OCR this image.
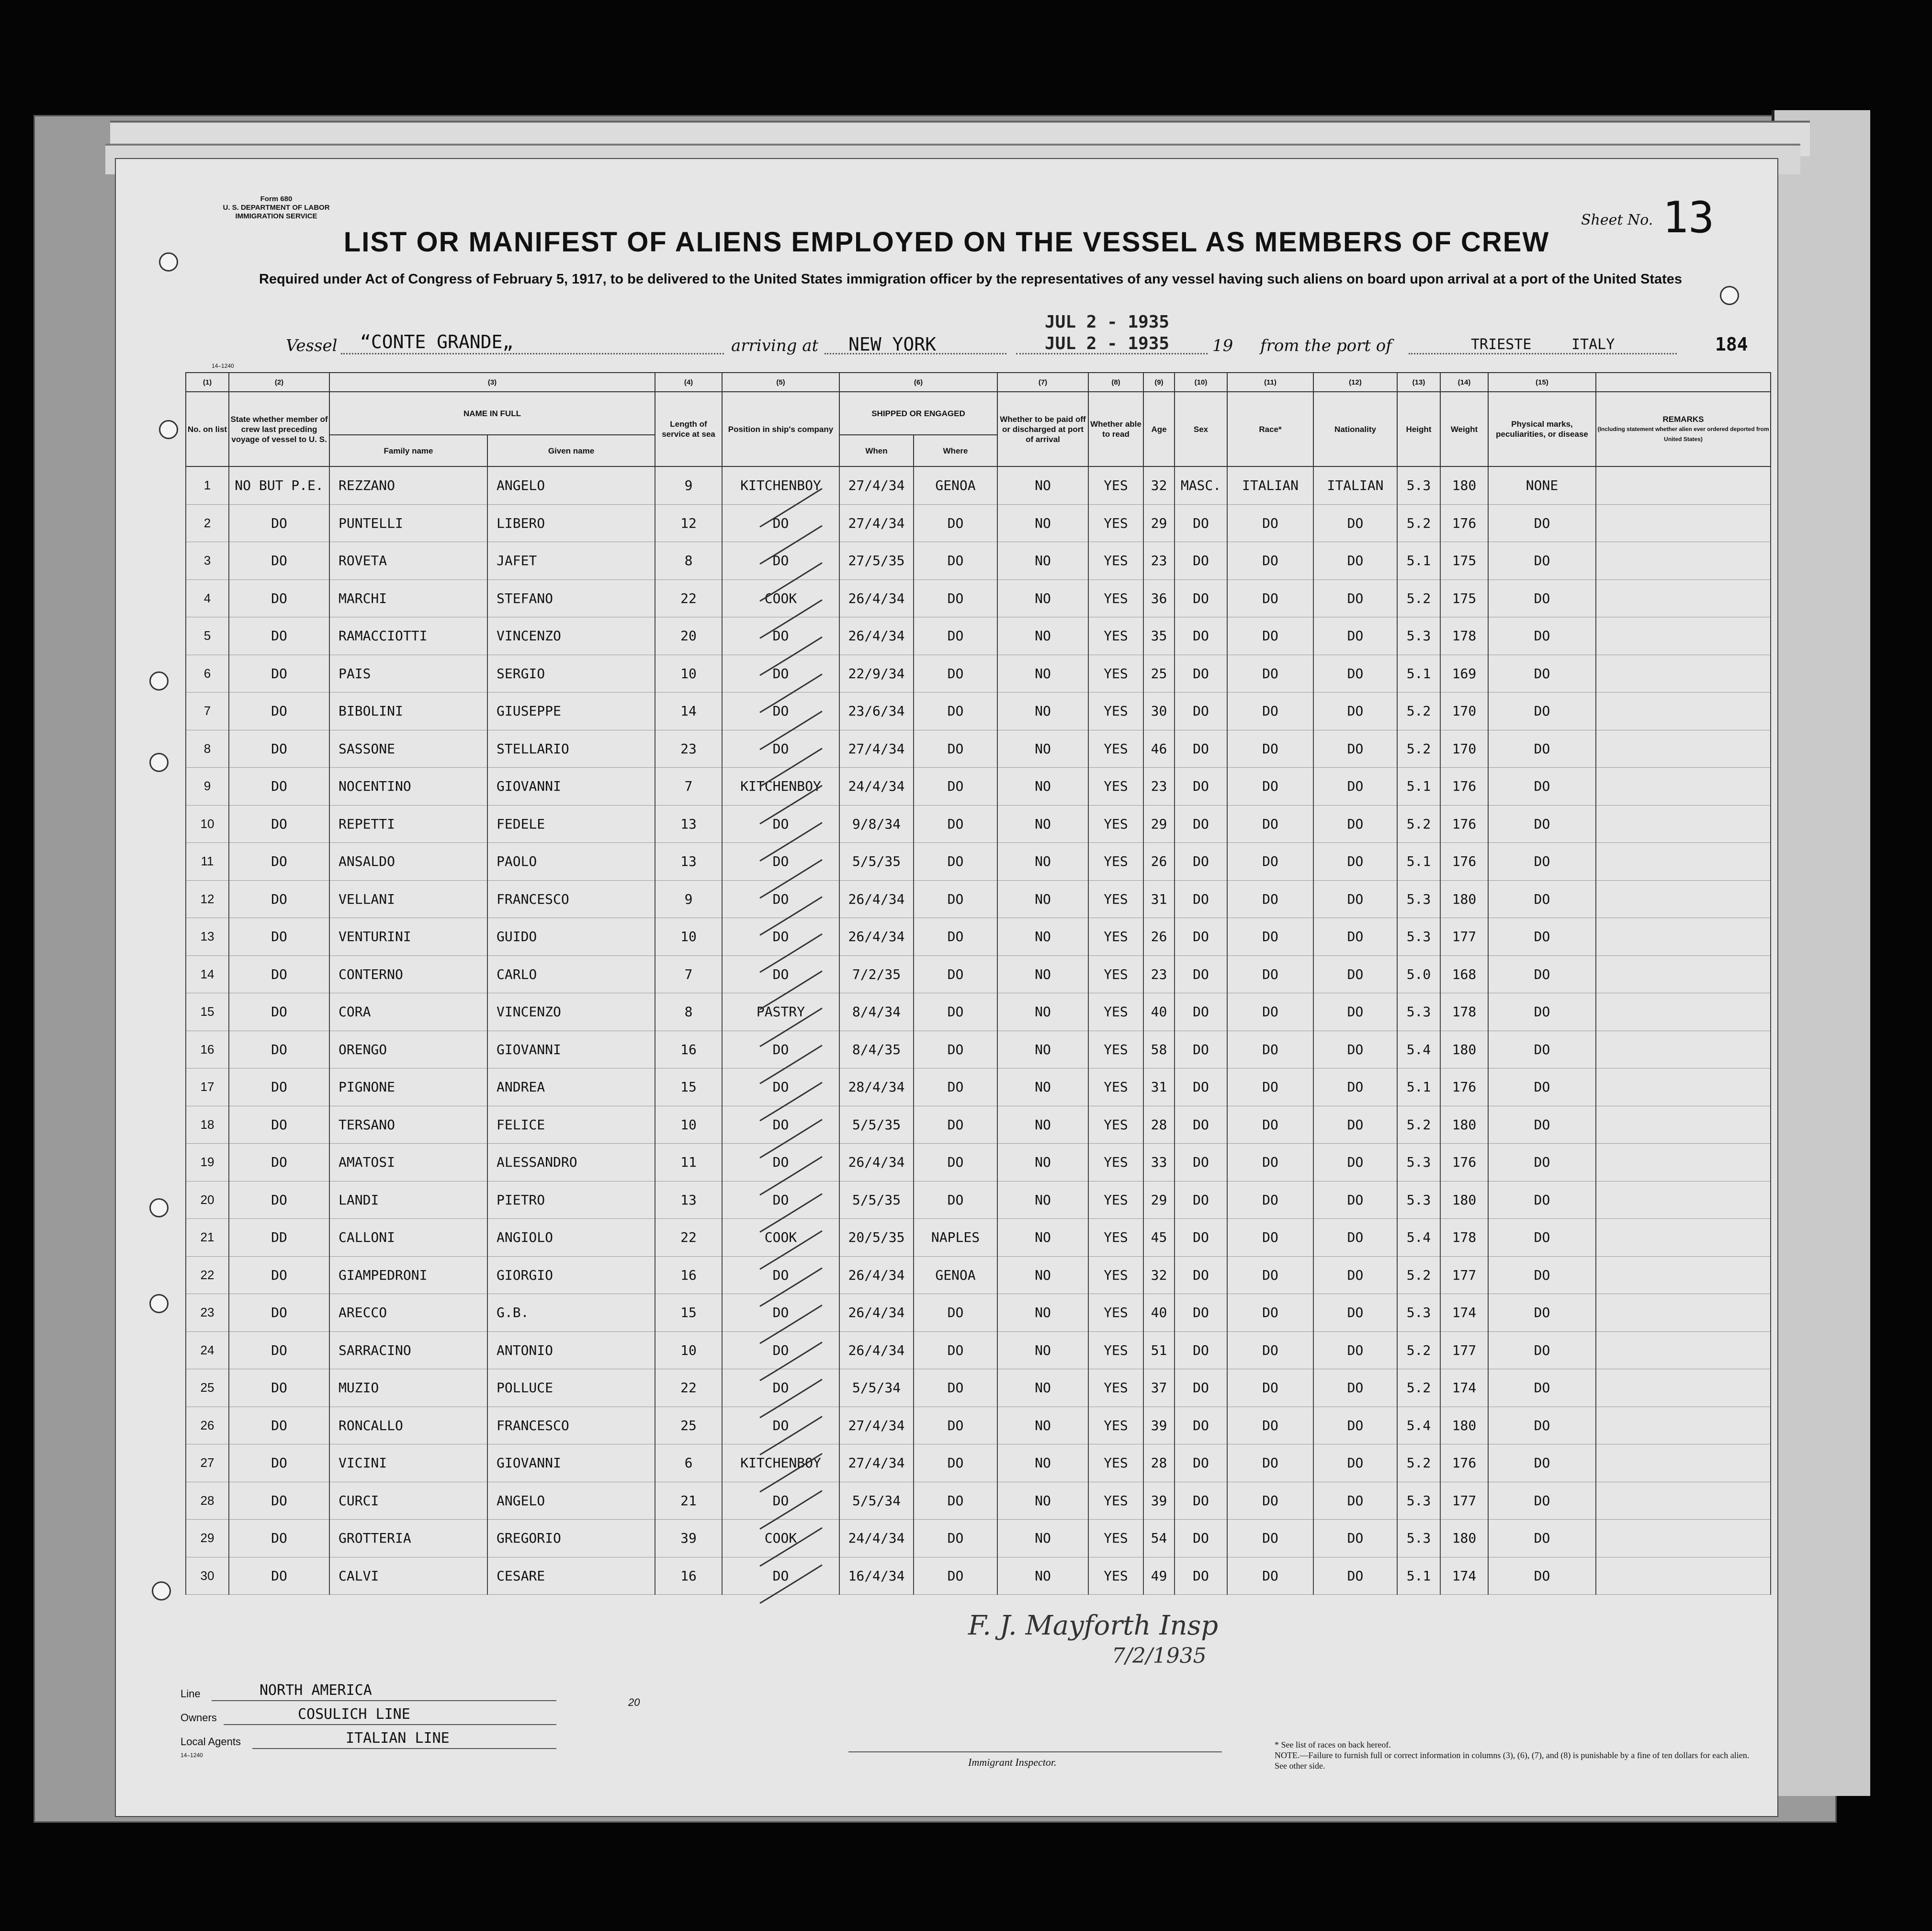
Form 680
U. S. DEPARTMENT OF LABOR
IMMIGRATION SERVICE
LIST OR MANIFEST OF ALIENS EMPLOYED ON THE VESSEL AS MEMBERS OF CREW
Sheet No. 13
Required under Act of Congress of February 5, 1917, to be delivered to the United States immigration officer by the representatives of any vessel having such aliens on board upon arrival at a port of the United States
Vessel “CONTE GRANDE„	arriving at NEW YORK
JUL 2 - 1935
JUL 2 - 1935	19 from the port of	TRIESTE	ITALY	184
14–1240
(1)	(2)	(3)		(4)	(5)	(6)		(7)	(8)	(9)	(10)	(11)	(12)	(13)	(14)	(15)	
No. on list	State whether member of crew last preceding voyage of vessel to U. S.	NAME IN FULL		Length of service at sea	Position in ship's company	SHIPPED OR ENGAGED		Whether to be paid off or discharged at port of arrival	Whether able to read	Age	Sex	Race*	Nationality	Height	Weight	Physical marks, peculiarities, or disease	REMARKS
(Including statement whether alien ever ordered deported from United States)

		Family name	Given name			When	Where										
1	NO BUT P.E.	REZZANO	ANGELO	9	KITCHENBOY	27/4/34	GENOA	NO	YES	32	MASC.	ITALIAN	ITALIAN	5.3	180	NONE	
2	DO	PUNTELLI	LIBERO	12	DO	27/4/34	DO	NO	YES	29	DO	DO	DO	5.2	176	DO	
3	DO	ROVETA	JAFET	8	DO	27/5/35	DO	NO	YES	23	DO	DO	DO	5.1	175	DO	
4	DO	MARCHI	STEFANO	22	COOK	26/4/34	DO	NO	YES	36	DO	DO	DO	5.2	175	DO	
5	DO	RAMACCIOTTI	VINCENZO	20	DO	26/4/34	DO	NO	YES	35	DO	DO	DO	5.3	178	DO	
6	DO	PAIS	SERGIO	10	DO	22/9/34	DO	NO	YES	25	DO	DO	DO	5.1	169	DO	
7	DO	BIBOLINI	GIUSEPPE	14	DO	23/6/34	DO	NO	YES	30	DO	DO	DO	5.2	170	DO	
8	DO	SASSONE	STELLARIO	23	DO	27/4/34	DO	NO	YES	46	DO	DO	DO	5.2	170	DO	
9	DO	NOCENTINO	GIOVANNI	7	KITCHENBOY	24/4/34	DO	NO	YES	23	DO	DO	DO	5.1	176	DO	
10	DO	REPETTI	FEDELE	13	DO	9/8/34	DO	NO	YES	29	DO	DO	DO	5.2	176	DO	
11	DO	ANSALDO	PAOLO	13	DO	5/5/35	DO	NO	YES	26	DO	DO	DO	5.1	176	DO	
12	DO	VELLANI	FRANCESCO	9	DO	26/4/34	DO	NO	YES	31	DO	DO	DO	5.3	180	DO	
13	DO	VENTURINI	GUIDO	10	DO	26/4/34	DO	NO	YES	26	DO	DO	DO	5.3	177	DO	
14	DO	CONTERNO	CARLO	7	DO	7/2/35	DO	NO	YES	23	DO	DO	DO	5.0	168	DO	
15	DO	CORA	VINCENZO	8	PASTRY	8/4/34	DO	NO	YES	40	DO	DO	DO	5.3	178	DO	
16	DO	ORENGO	GIOVANNI	16	DO	8/4/35	DO	NO	YES	58	DO	DO	DO	5.4	180	DO	
17	DO	PIGNONE	ANDREA	15	DO	28/4/34	DO	NO	YES	31	DO	DO	DO	5.1	176	DO	
18	DO	TERSANO	FELICE	10	DO	5/5/35	DO	NO	YES	28	DO	DO	DO	5.2	180	DO	
19	DO	AMATOSI	ALESSANDRO	11	DO	26/4/34	DO	NO	YES	33	DO	DO	DO	5.3	176	DO	
20	DO	LANDI	PIETRO	13	DO	5/5/35	DO	NO	YES	29	DO	DO	DO	5.3	180	DO	
21	DD	CALLONI	ANGIOLO	22	COOK	20/5/35	NAPLES	NO	YES	45	DO	DO	DO	5.4	178	DO	
22	DO	GIAMPEDRONI	GIORGIO	16	DO	26/4/34	GENOA	NO	YES	32	DO	DO	DO	5.2	177	DO	
23	DO	ARECCO	G.B.	15	DO	26/4/34	DO	NO	YES	40	DO	DO	DO	5.3	174	DO	
24	DO	SARRACINO	ANTONIO	10	DO	26/4/34	DO	NO	YES	51	DO	DO	DO	5.2	177	DO	
25	DO	MUZIO	POLLUCE	22	DO	5/5/34	DO	NO	YES	37	DO	DO	DO	5.2	174	DO	
26	DO	RONCALLO	FRANCESCO	25	DO	27/4/34	DO	NO	YES	39	DO	DO	DO	5.4	180	DO	
27	DO	VICINI	GIOVANNI	6	KITCHENBOY	27/4/34	DO	NO	YES	28	DO	DO	DO	5.2	176	DO	
28	DO	CURCI	ANGELO	21	DO	5/5/34	DO	NO	YES	39	DO	DO	DO	5.3	177	DO	
29	DO	GROTTERIA	GREGORIO	39	COOK	24/4/34	DO	NO	YES	54	DO	DO	DO	5.3	180	DO	
30	DO	CALVI	CESARE	16	DO	16/4/34	DO	NO	YES	49	DO	DO	DO	5.1	174	DO	
Line	NORTH AMERICA
Owners	COSULICH LINE
Local Agents	ITALIAN LINE
14–1240
20
F. J. Mayforth Insp
7/2/1935
Immigrant Inspector.
* See list of races on back hereof.
NOTE.—Failure to furnish full or correct information in columns (3), (6), (7), and (8) is punishable by a fine of ten dollars for each alien. See other side.
